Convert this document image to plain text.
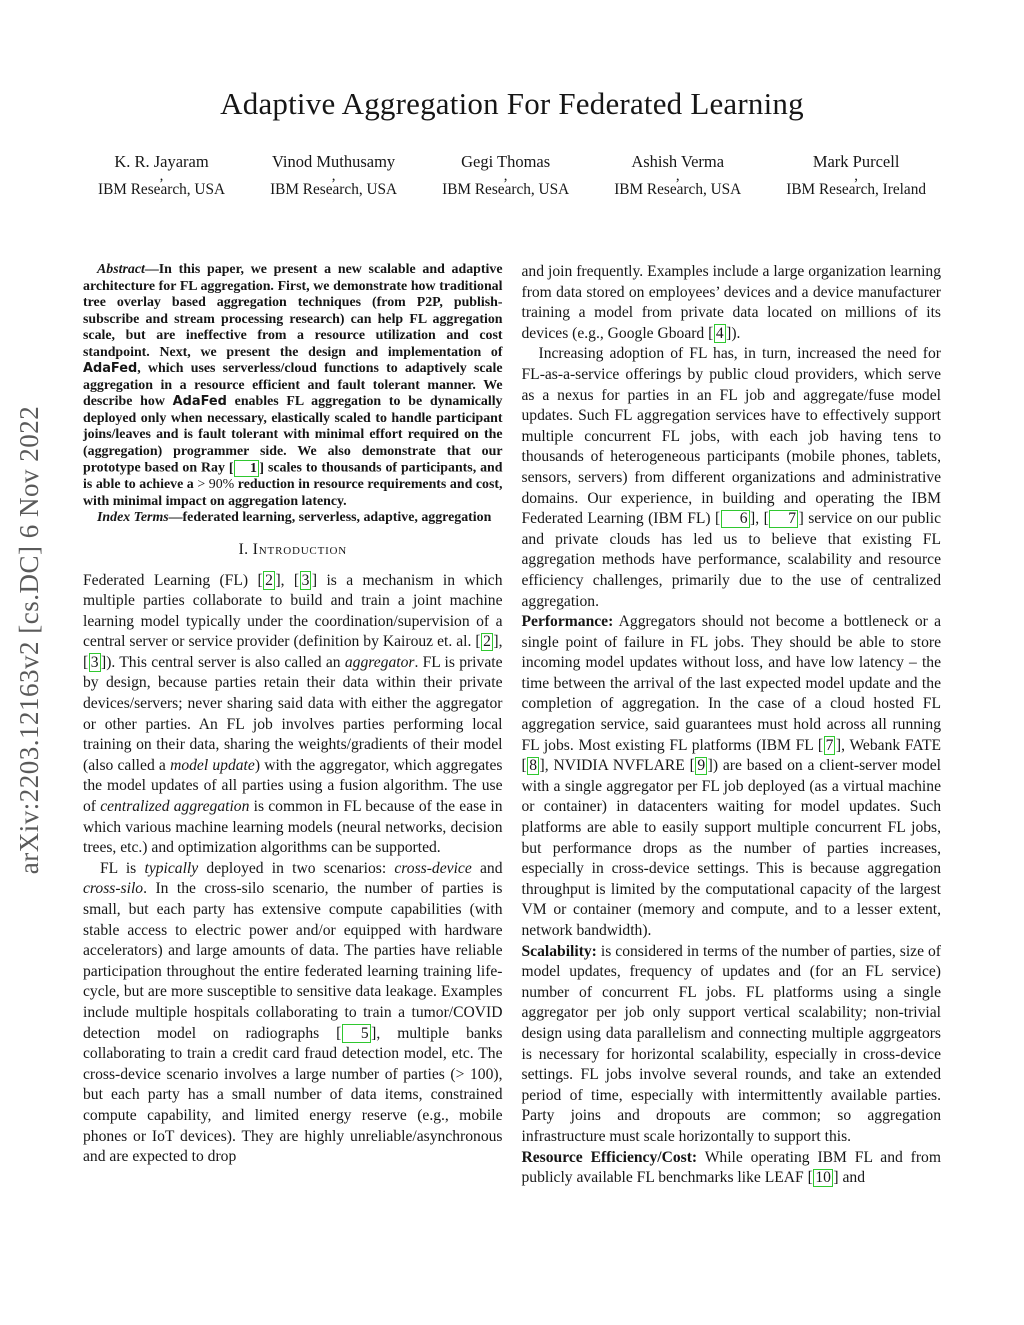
arXiv:2203.12163v2 [cs.DC] 6 Nov 2022
Adaptive Aggregation For Federated Learning
K. R. Jayaram
,
IBM Research, USA
Vinod Muthusamy
,
IBM Research, USA
Gegi Thomas
,
IBM Research, USA
Ashish Verma
,
IBM Research, USA
Mark Purcell
,
IBM Research, Ireland

Abstract—In this paper, we present a new scalable and adaptive architecture for FL aggregation. First, we demonstrate how traditional tree overlay based aggregation techniques (from P2P, publish-subscribe and stream processing research) can help FL aggregation scale, but are ineffective from a resource utilization and cost standpoint. Next, we present the design and implementation of AdaFed, which uses serverless/cloud functions to adaptively scale aggregation in a resource efficient and fault tolerant manner. We describe how AdaFed enables FL aggregation to be dynamically deployed only when necessary, elastically scaled to handle participant joins/leaves and is fault tolerant with minimal effort required on the (aggregation) programmer side. We also demonstrate that our prototype based on Ray [ 1 ] scales to thousands of participants, and is able to achieve a > 90% reduction in resource requirements and cost, with minimal impact on aggregation latency.

Index Terms—federated learning, serverless, adaptive, aggregation

I. Introduction

Federated Learning (FL) [ 2 ], [ 3 ] is a mechanism in which multiple parties collaborate to build and train a joint machine learning model typically under the coordination/supervision of a central server or service provider (definition by Kairouz et. al. [ 2 ], [ 3 ]). This central server is also called an aggregator. FL is private by design, because parties retain their data within their private devices/servers; never sharing said data with either the aggregator or other parties. An FL job involves parties performing local training on their data, sharing the weights/gradients of their model (also called a model update) with the aggregator, which aggregates the model updates of all parties using a fusion algorithm. The use of centralized aggregation is common in FL because of the ease in which various machine learning models (neural networks, decision trees, etc.) and optimization algorithms can be supported.

FL is typically deployed in two scenarios: cross-device and cross-silo. In the cross-silo scenario, the number of parties is small, but each party has extensive compute capabilities (with stable access to electric power and/or equipped with hardware accelerators) and large amounts of data. The parties have reliable participation throughout the entire federated learning training life-cycle, but are more susceptible to sensitive data leakage. Examples include multiple hospitals collaborating to train a tumor/COVID detection model on radiographs [ 5 ], multiple banks collaborating to train a credit card fraud detection model, etc. The cross-device scenario involves a large number of parties (> 100), but each party has a small number of data items, constrained compute capability, and limited energy reserve (e.g., mobile phones or IoT devices). They are highly unreliable/asynchronous and are expected to drop

and join frequently. Examples include a large organization learning from data stored on employees’ devices and a device manufacturer training a model from private data located on millions of its devices (e.g., Google Gboard [ 4 ]).

Increasing adoption of FL has, in turn, increased the need for FL-as-a-service offerings by public cloud providers, which serve as a nexus for parties in an FL job and aggregate/fuse model updates. Such FL aggregation services have to effectively support multiple concurrent FL jobs, with each job having tens to thousands of heterogeneous participants (mobile phones, tablets, sensors, servers) from different organizations and administrative domains. Our experience, in building and operating the IBM Federated Learning (IBM FL) [ 6 ], [ 7 ] service on our public and private clouds has led us to believe that existing FL aggregation methods have performance, scalability and resource efficiency challenges, primarily due to the use of centralized aggregation.

Performance: Aggregators should not become a bottleneck or a single point of failure in FL jobs. They should be able to store incoming model updates without loss, and have low latency – the time between the arrival of the last expected model update and the completion of aggregation. In the case of a cloud hosted FL aggregation service, said guarantees must hold across all running FL jobs. Most existing FL platforms (IBM FL [ 7 ], Webank FATE [ 8 ], NVIDIA NVFLARE [ 9 ]) are based on a client-server model with a single aggregator per FL job deployed (as a virtual machine or container) in datacenters waiting for model updates. Such platforms are able to easily support multiple concurrent FL jobs, but performance drops as the number of parties increases, especially in cross-device settings. This is because aggregation throughput is limited by the computational capacity of the largest VM or container (memory and compute, and to a lesser extent, network bandwidth).

Scalability: is considered in terms of the number of parties, size of model updates, frequency of updates and (for an FL service) number of concurrent FL jobs. FL platforms using a single aggregator per job only support vertical scalability; non-trivial design using data parallelism and connecting multiple aggrgeators is necessary for horizontal scalability, especially in cross-device settings. FL jobs involve several rounds, and take an extended period of time, especially with intermittently available parties. Party joins and dropouts are common; so aggregation infrastructure must scale horizontally to support this.

Resource Efficiency/Cost: While operating IBM FL and from publicly available FL benchmarks like LEAF [ 10 ] and
